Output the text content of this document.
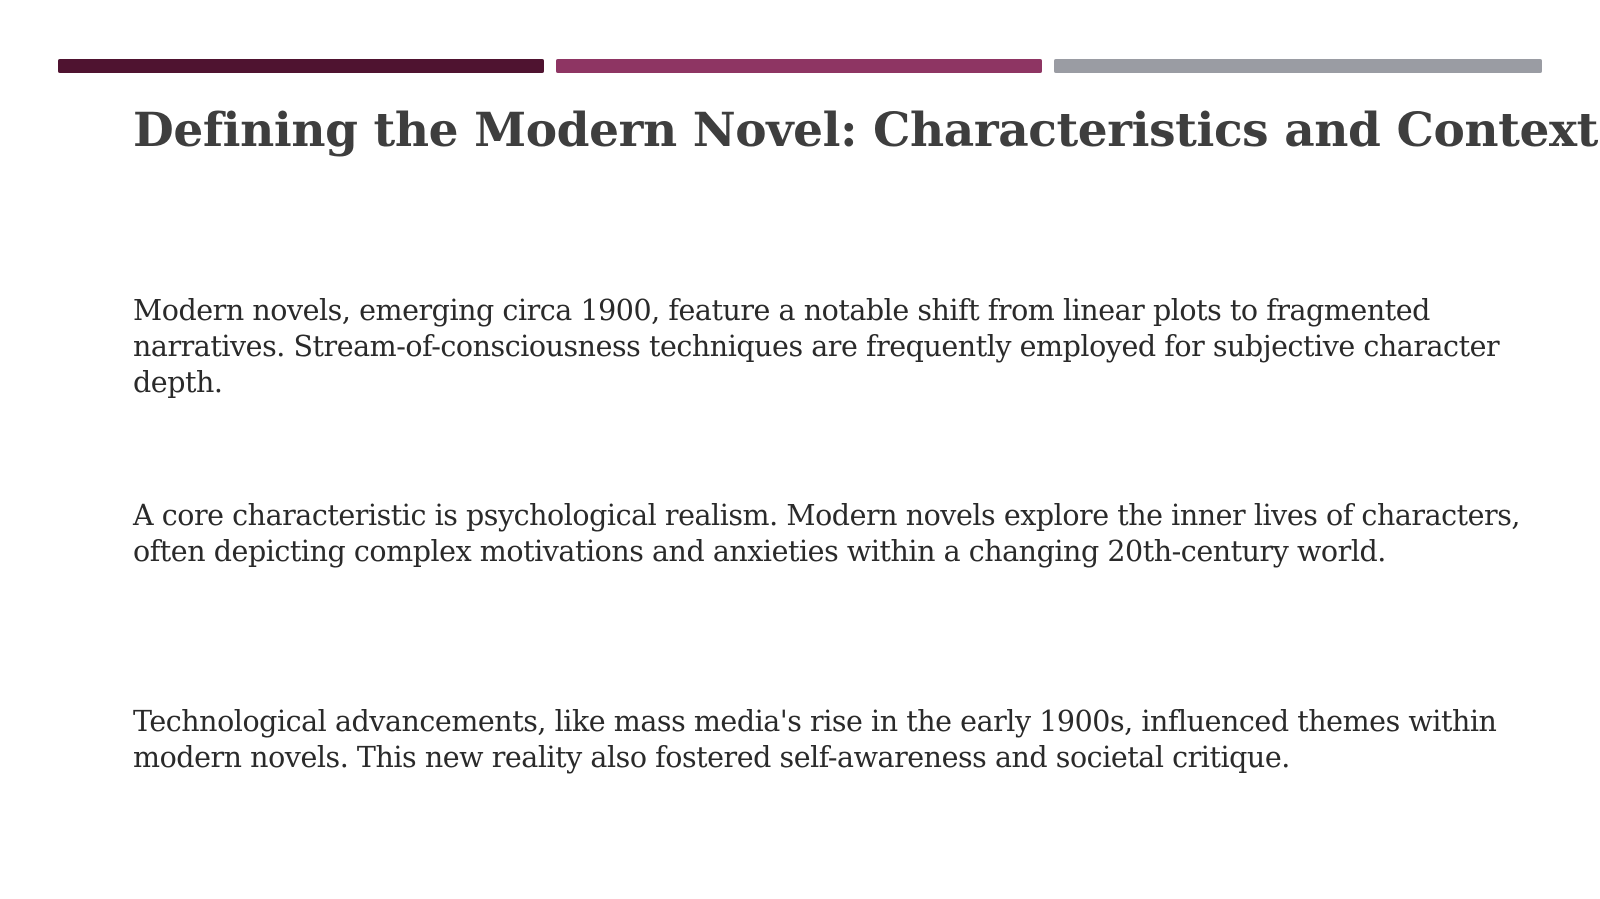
Defining the Modern Novel: Characteristics and Context

Modern novels, emerging circa 1900, feature a notable shift from linear plots to fragmented narratives. Stream-of-consciousness techniques are frequently employed for subjective character depth.

A core characteristic is psychological realism. Modern novels explore the inner lives of characters, often depicting complex motivations and anxieties within a changing 20th-century world.

Technological advancements, like mass media's rise in the early 1900s, influenced themes within modern novels. This new reality also fostered self-awareness and societal critique.
